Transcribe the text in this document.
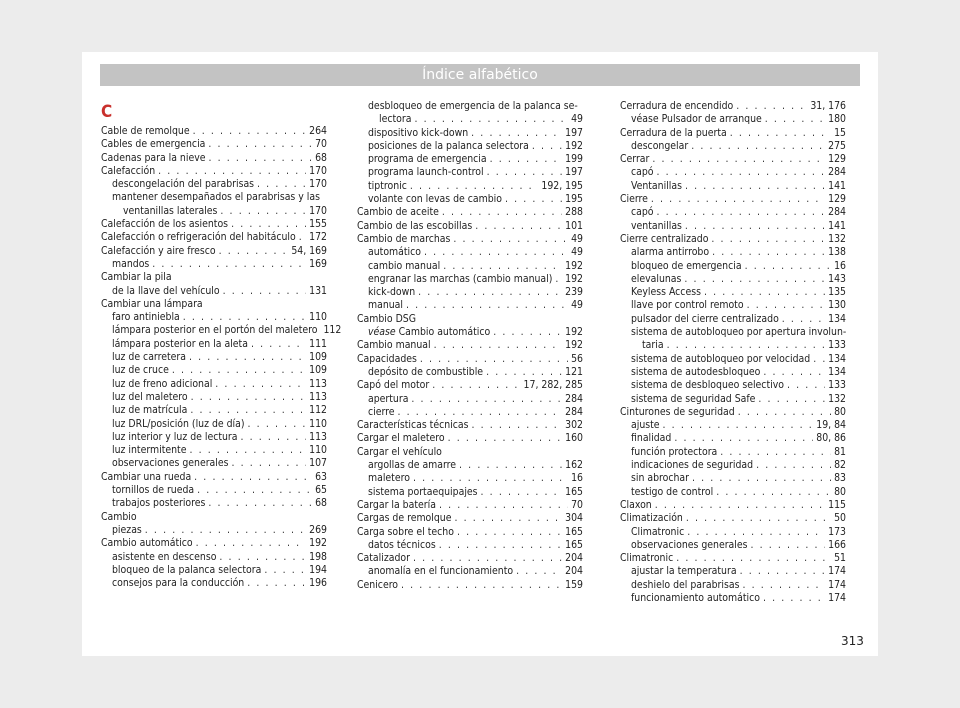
Índice alfabético
C
Cable de remolque . . .	264
Cables de emergencia . . .	70
Cadenas para la nieve . . .	68
Calefacción . . .	170
descongelación del parabrisas . . .	170
mantener desempañados el parabrisas y las
ventanillas laterales . . .	170
Calefacción de los asientos . . .	155
Calefacción o refrigeración del habitáculo . . . 172
Calefacción y aire fresco . . .	54, 169
mandos . . .	169
Cambiar la pila
de la llave del vehículo . . .	131
Cambiar una lámpara
faro antiniebla . . .	110
lámpara posterior en el portón del maletero 112
lámpara posterior en la aleta . . .	111
luz de carretera . . .	109
luz de cruce . . .	109
luz de freno adicional . . .	113
luz del maletero . . .	113
luz de matrícula . . .	112
luz DRL/posición (luz de día) . . .	110
luz interior y luz de lectura . . .	113
luz intermitente . . .	110
observaciones generales . . .	107
Cambiar una rueda . . .	63
tornillos de rueda . . .	65
trabajos posteriores . . .	68
Cambio
piezas . . .	269
Cambio automático . . .	192
asistente en descenso . . .	198
bloqueo de la palanca selectora . . .	194
consejos para la conducción . . .	196
desbloqueo de emergencia de la palanca se-
lectora . . .	49
dispositivo kick-down . . .	197
posiciones de la palanca selectora . . .	192
programa de emergencia . . .	199
programa launch-control . . .	197
tiptronic . . .	192, 195
volante con levas de cambio . . .	195
Cambio de aceite . . .	288
Cambio de las escobillas . . .	101
Cambio de marchas . . .	49
automático . . .	49
cambio manual . . .	192
engranar las marchas (cambio manual) . . . 192
kick-down . . .	239
manual . . .	49
Cambio DSG
véase Cambio automático . . .	192
Cambio manual . . .	192
Capacidades . . .	56
depósito de combustible . . .	121
Capó del motor . . .	17, 282, 285
apertura . . .	284
cierre . . .	284
Características técnicas . . .	302
Cargar el maletero . . .	160
Cargar el vehículo
argollas de amarre . . .	162
maletero . . .	16
sistema portaequipajes . . .	165
Cargar la batería . . .	70
Cargas de remolque . . .	304
Carga sobre el techo . . .	165
datos técnicos . . .	165
Catalizador . . .	204
anomalía en el funcionamiento . . .	204
Cenicero . . .	159
Cerradura de encendido . . .	31, 176
véase Pulsador de arranque . . .	180
Cerradura de la puerta . . .	15
descongelar . . .	275
Cerrar . . .	129
capó . . .	284
Ventanillas . . .	141
Cierre . . .	129
capó . . .	284
ventanillas . . .	141
Cierre centralizado . . .	132
alarma antirrobo . . .	138
bloqueo de emergencia . . .	16
elevalunas . . .	143
Keyless Access . . .	135
llave por control remoto . . .	130
pulsador del cierre centralizado . . .	134
sistema de autobloqueo por apertura involun-
taria . . .	133
sistema de autobloqueo por velocidad . . . 134
sistema de autodesbloqueo . . .	134
sistema de desbloqueo selectivo . . .	133
sistema de seguridad Safe . . .	132
Cinturones de seguridad . . .	80
ajuste . . .	19, 84
finalidad . . .	80, 86
función protectora . . .	81
indicaciones de seguridad . . .	82
sin abrochar . . .	83
testigo de control . . .	80
Claxon . . .	115
Climatización . . .	50
Climatronic . . .	173
observaciones generales . . .	166
Climatronic . . .	51
ajustar la temperatura . . .	174
deshielo del parabrisas . . .	174
funcionamiento automático . . .	174
313
